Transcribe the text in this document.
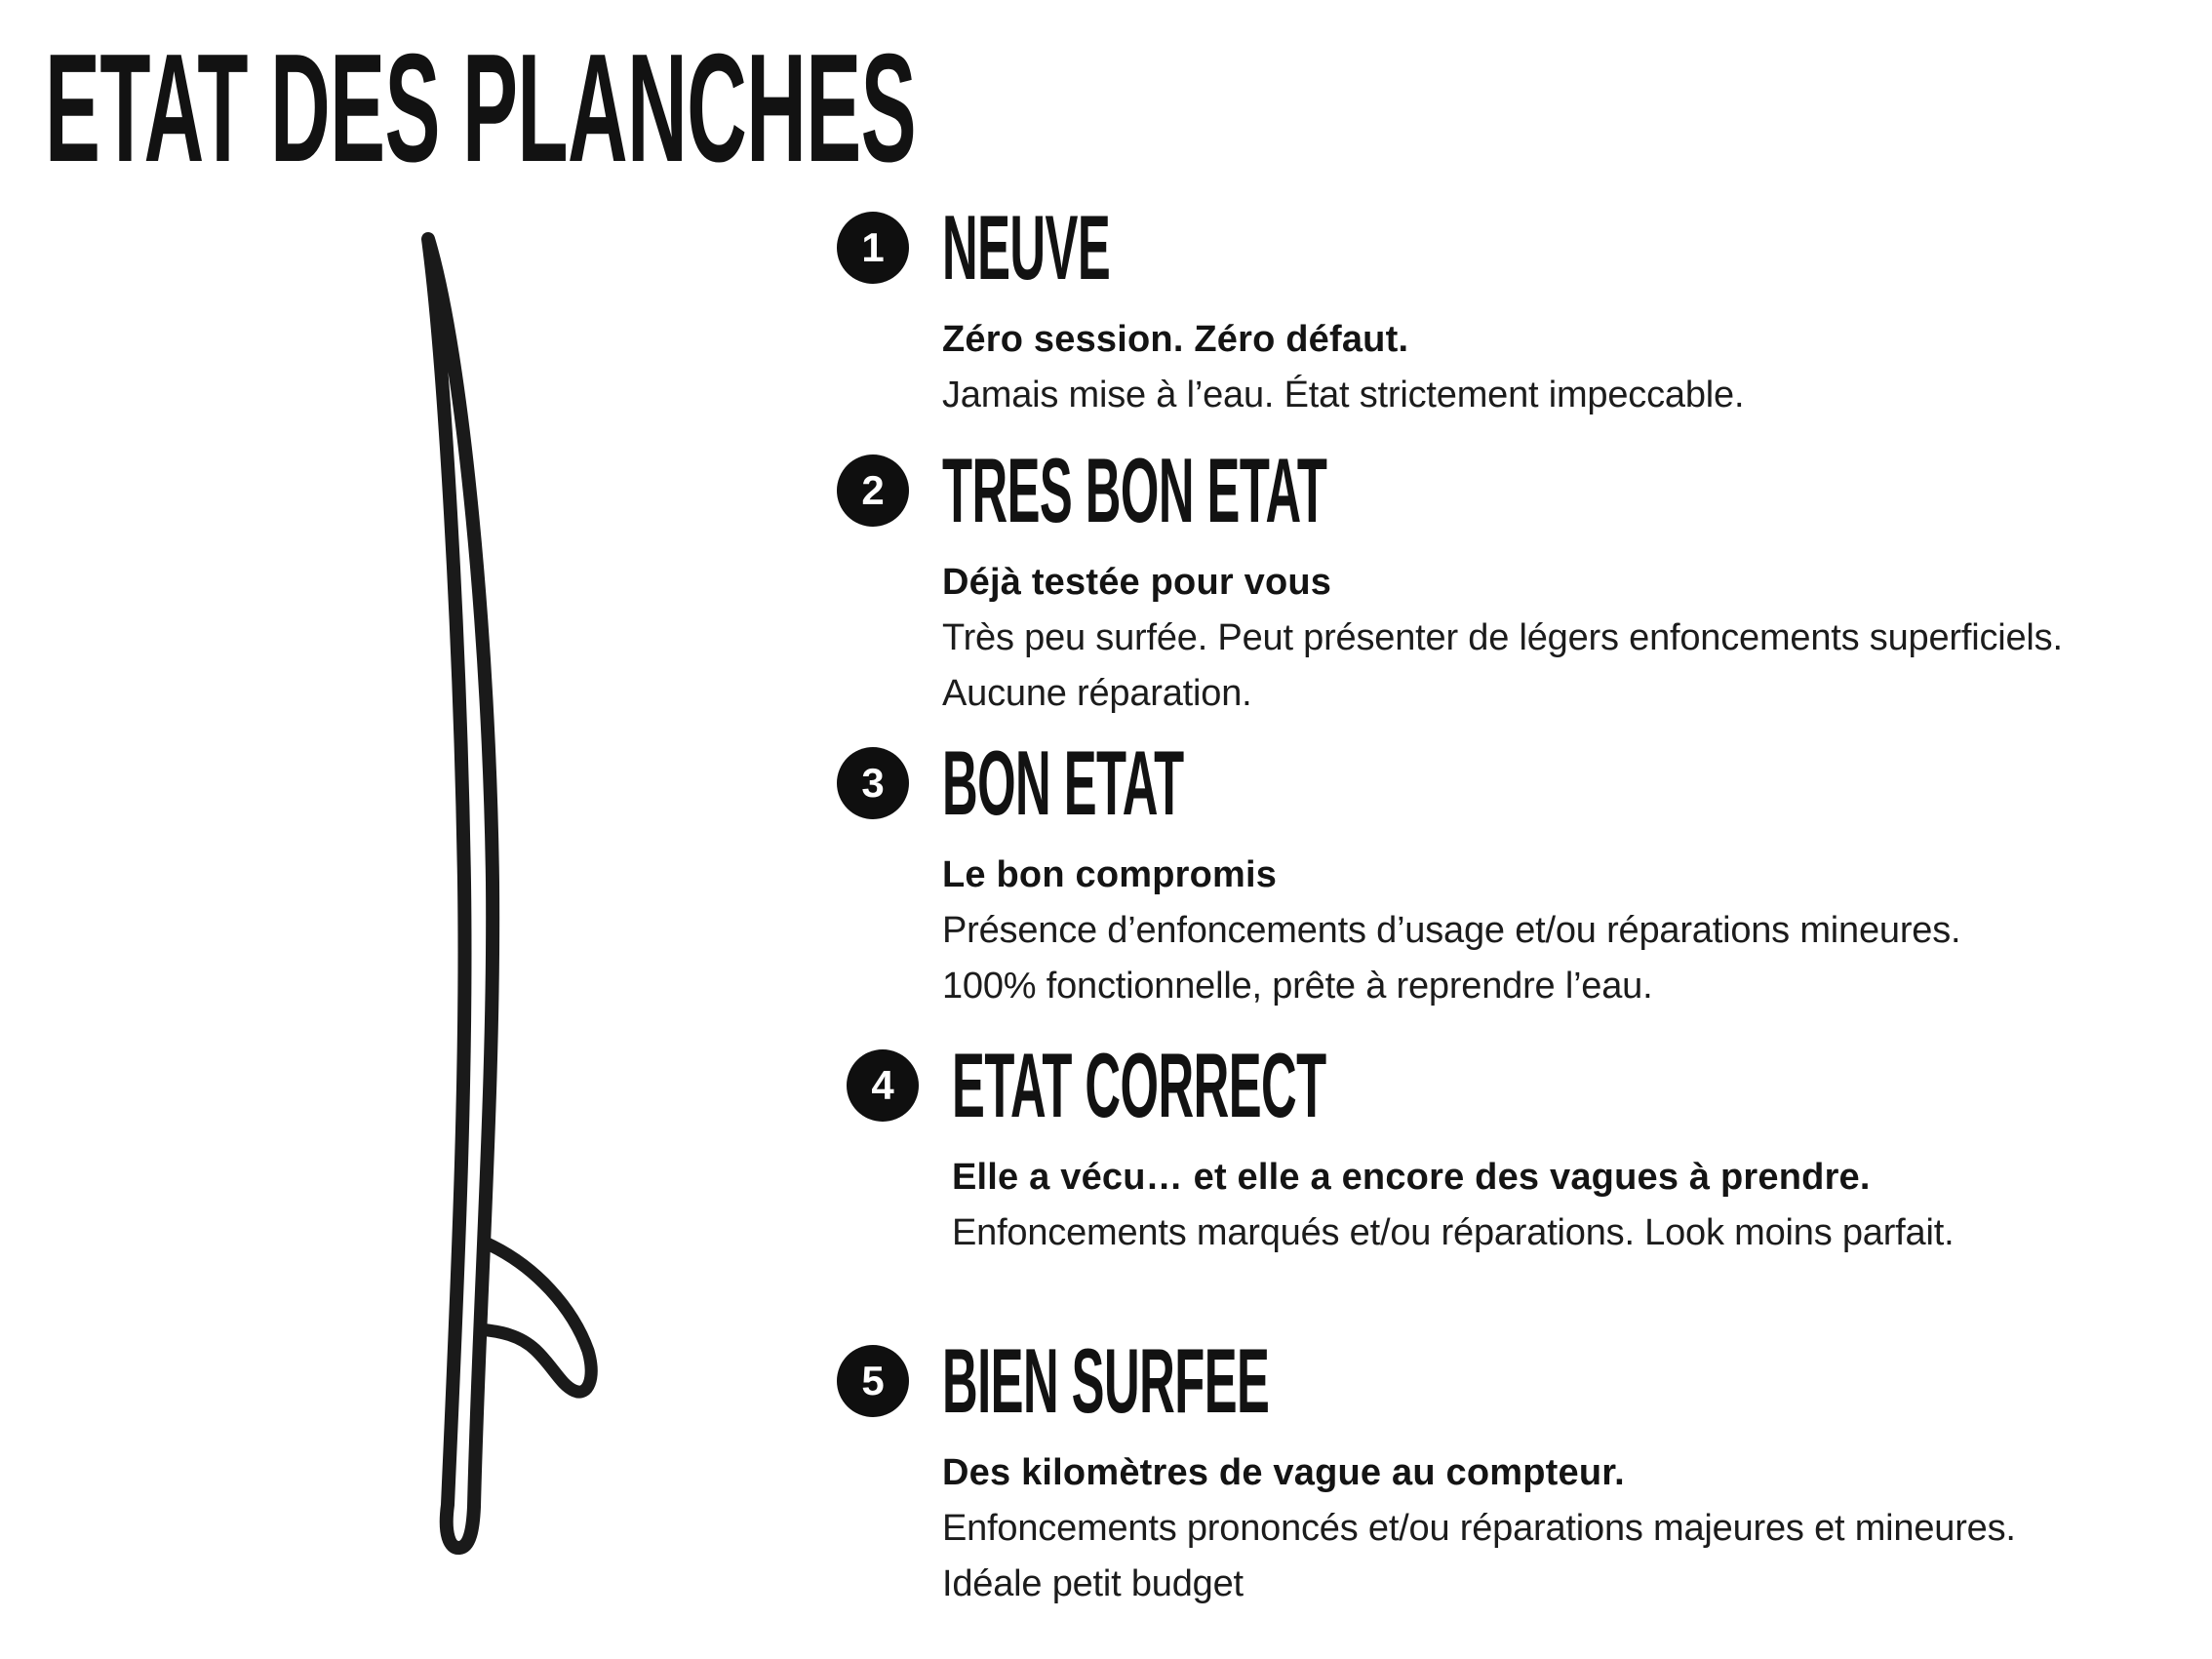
ETAT DES PLANCHES
1 NEUVE

Zéro session. Zéro défaut.

Jamais mise à l’eau. État strictement impeccable.

2 TRES BON ETAT

Déjà testée pour vous

Très peu surfée. Peut présenter de légers enfoncements superficiels.

Aucune réparation.

3 BON ETAT

Le bon compromis

Présence d’enfoncements d’usage et/ou réparations mineures.

100% fonctionnelle, prête à reprendre l’eau.

4 ETAT CORRECT

Elle a vécu… et elle a encore des vagues à prendre.

Enfoncements marqués et/ou réparations. Look moins parfait.

5 BIEN SURFEE

Des kilomètres de vague au compteur.

Enfoncements prononcés et/ou réparations majeures et mineures.

Idéale petit budget
